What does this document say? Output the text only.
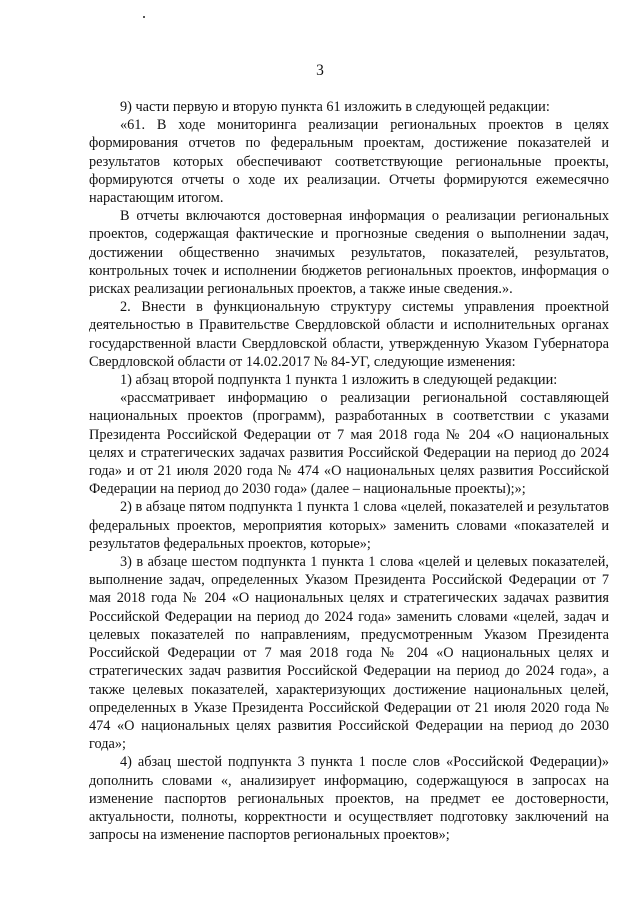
3

9) части первую и вторую пункта 61 изложить в следующей редакции:

«61. В ходе мониторинга реализации региональных проектов в целях формирования отчетов по федеральным проектам, достижение показателей и результатов которых обеспечивают соответствующие региональные проекты, формируются отчеты о ходе их реализации. Отчеты формируются ежемесячно нарастающим итогом.

В отчеты включаются достоверная информация о реализации региональных проектов, содержащая фактические и прогнозные сведения о выполнении задач, достижении общественно значимых результатов, показателей, результатов, контрольных точек и исполнении бюджетов региональных проектов, информация о рисках реализации региональных проектов, а также иные сведения.».

2. Внести в функциональную структуру системы управления проектной деятельностью в Правительстве Свердловской области и исполнительных органах государственной власти Свердловской области, утвержденную Указом Губернатора Свердловской области от 14.02.2017 № 84-УГ, следующие изменения:

1) абзац второй подпункта 1 пункта 1 изложить в следующей редакции:

«рассматривает информацию о реализации региональной составляющей национальных проектов (программ), разработанных в соответствии с указами Президента Российской Федерации от 7 мая 2018 года № 204 «О национальных целях и стратегических задачах развития Российской Федерации на период до 2024 года» и от 21 июля 2020 года № 474 «О национальных целях развития Российской Федерации на период до 2030 года» (далее – национальные проекты);»;

2) в абзаце пятом подпункта 1 пункта 1 слова «целей, показателей и результатов федеральных проектов, мероприятия которых» заменить словами «показателей и результатов федеральных проектов, которые»;

3) в абзаце шестом подпункта 1 пункта 1 слова «целей и целевых показателей, выполнение задач, определенных Указом Президента Российской Федерации от 7 мая 2018 года № 204 «О национальных целях и стратегических задачах развития Российской Федерации на период до 2024 года» заменить словами «целей, задач и целевых показателей по направлениям, предусмотренным Указом Президента Российской Федерации от 7 мая 2018 года № 204 «О национальных целях и стратегических задач развития Российской Федерации на период до 2024 года», а также целевых показателей, характеризующих достижение национальных целей, определенных в Указе Президента Российской Федерации от 21 июля 2020 года № 474 «О национальных целях развития Российской Федерации на период до 2030 года»;

4) абзац шестой подпункта 3 пункта 1 после слов «Российской Федерации)» дополнить словами «, анализирует информацию, содержащуюся в запросах на изменение паспортов региональных проектов, на предмет ее достоверности, актуальности, полноты, корректности и осуществляет подготовку заключений на запросы на изменение паспортов региональных проектов»;
